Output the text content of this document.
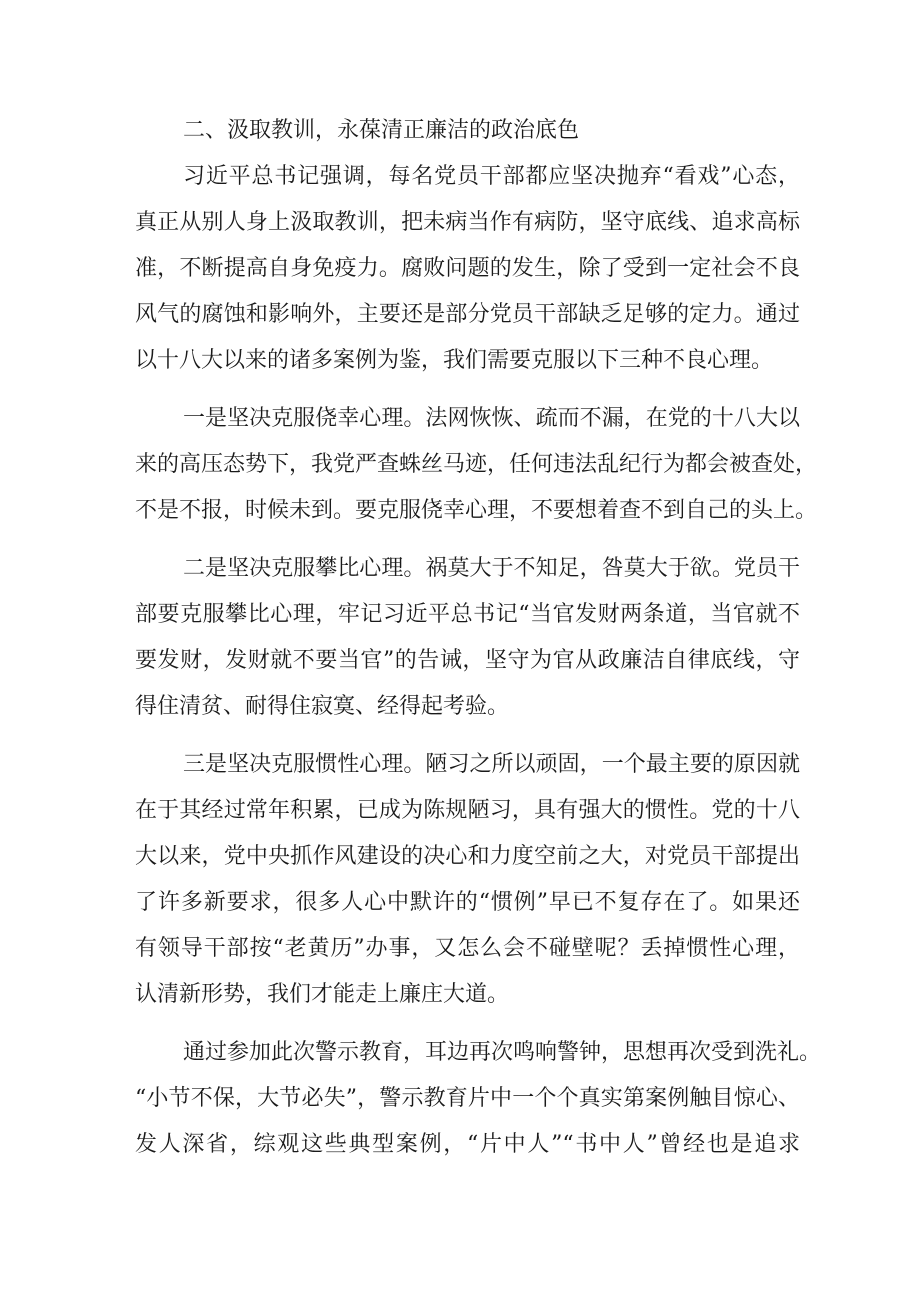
二、汲取教训，永葆清正廉洁的政治底色
习近平总书记强调，每名党员干部都应坚决抛弃“看戏”心态，
真正从别人身上汲取教训，把未病当作有病防，坚守底线、追求高标
准，不断提高自身免疫力。腐败问题的发生，除了受到一定社会不良
风气的腐蚀和影响外，主要还是部分党员干部缺乏足够的定力。通过
以十八大以来的诸多案例为鉴，我们需要克服以下三种不良心理。
一是坚决克服侥幸心理。法网恢恢、疏而不漏，在党的十八大以
来的高压态势下，我党严查蛛丝马迹，任何违法乱纪行为都会被查处，
不是不报，时候未到。要克服侥幸心理，不要想着查不到自己的头上。
二是坚决克服攀比心理。祸莫大于不知足，咎莫大于欲。党员干
部要克服攀比心理，牢记习近平总书记“当官发财两条道，当官就不
要发财，发财就不要当官”的告诫，坚守为官从政廉洁自律底线，守
得住清贫、耐得住寂寞、经得起考验。
三是坚决克服惯性心理。陋习之所以顽固，一个最主要的原因就
在于其经过常年积累，已成为陈规陋习，具有强大的惯性。党的十八
大以来，党中央抓作风建设的决心和力度空前之大，对党员干部提出
了许多新要求，很多人心中默许的“惯例”早已不复存在了。如果还
有领导干部按“老黄历”办事，又怎么会不碰壁呢？丢掉惯性心理，
认清新形势，我们才能走上廉庄大道。
通过参加此次警示教育，耳边再次鸣响警钟，思想再次受到洗礼。
“小节不保，大节必失”，警示教育片中一个个真实第案例触目惊心、
发人深省，综观这些典型案例，“片中人”“书中人”曾经也是追求
